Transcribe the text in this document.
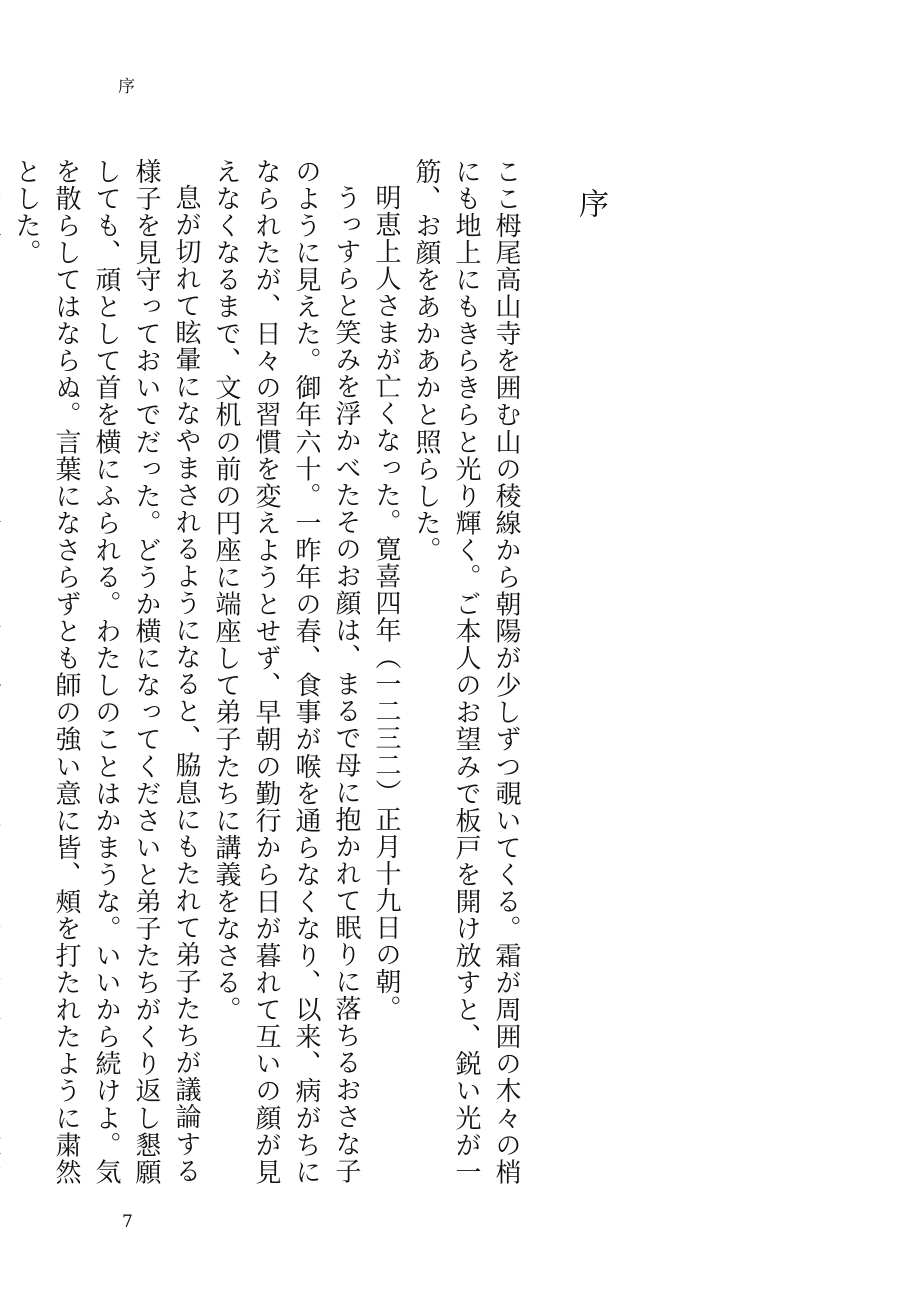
序
序

ここ栂尾高山寺を囲む山の稜線から朝陽が少しずつ覗いてくる。霜が周囲の木々の梢にも地上にもきらきらと光り輝く。ご本人のお望みで板戸を開け放すと、鋭い光が一筋、お顔をあかあかと照らした。

明恵上人さまが亡くなった。寛喜四年（一二三二）正月十九日の朝。

うっすらと笑みを浮かべたそのお顔は、まるで母に抱かれて眠りに落ちるおさな子のように見えた。御年六十。一昨年の春、食事が喉を通らなくなり、以来、病がちになられたが、日々の習慣を変えようとせず、早朝の勤行から日が暮れて互いの顔が見えなくなるまで、文机の前の円座に端座して弟子たちに講義をなさる。

息が切れて眩暈になやまされるようになると、脇息にもたれて弟子たちが議論する様子を見守っておいでだった。どうか横になってくださいと弟子たちがくり返し懇願しても、頑として首を横にふられる。わたしのことはかまうな。いいから続けよ。気を散らしてはならぬ。言葉になさらずとも師の強い意に皆、頰を打たれたように粛然とした。

7
